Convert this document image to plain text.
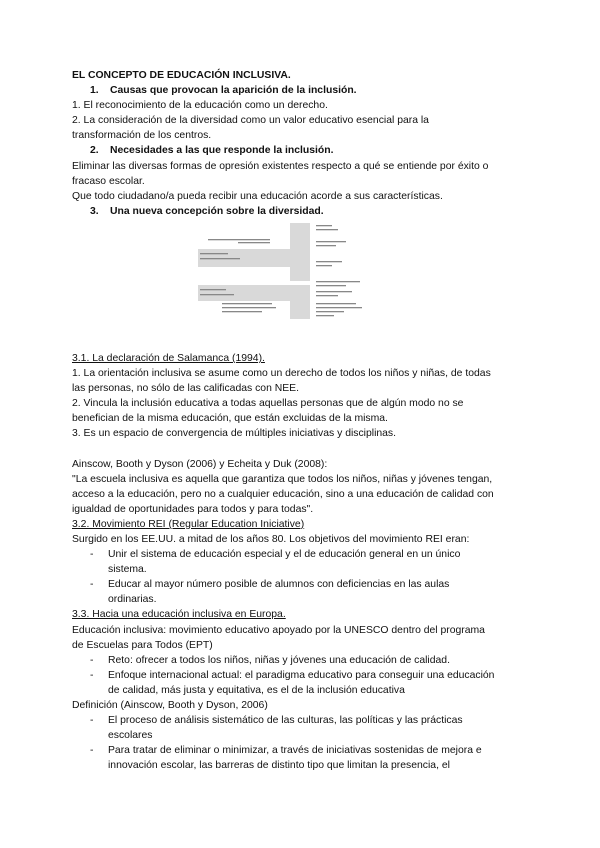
EL CONCEPTO DE EDUCACIÓN INCLUSIVA.
1. Causas que provocan la aparición de la inclusión.
1. El reconocimiento de la educación como un derecho.
2. La consideración de la diversidad como un valor educativo esencial para la
transformación de los centros.
2. Necesidades a las que responde la inclusión.
Eliminar las diversas formas de opresión existentes respecto a qué se entiende por éxito o
fracaso escolar.
Que todo ciudadano/a pueda recibir una educación acorde a sus características.
3. Una nueva concepción sobre la diversidad.
3.1. La declaración de Salamanca (1994).
1. La orientación inclusiva se asume como un derecho de todos los niños y niñas, de todas
las personas, no sólo de las calificadas con NEE.
2. Vincula la inclusión educativa a todas aquellas personas que de algún modo no se
benefician de la misma educación, que están excluidas de la misma.
3. Es un espacio de convergencia de múltiples iniciativas y disciplinas.
Ainscow, Booth y Dyson (2006) y Echeita y Duk (2008):
"La escuela inclusiva es aquella que garantiza que todos los niños, niñas y jóvenes tengan,
acceso a la educación, pero no a cualquier educación, sino a una educación de calidad con
igualdad de oportunidades para todos y para todas".
3.2. Movimiento REI (Regular Education Iniciative)
Surgido en los EE.UU. a mitad de los años 80. Los objetivos del movimiento REI eran:
- Unir el sistema de educación especial y el de educación general en un único
sistema.
- Educar al mayor número posible de alumnos con deficiencias en las aulas
ordinarias.
3.3. Hacia una educación inclusiva en Europa.
Educación inclusiva: movimiento educativo apoyado por la UNESCO dentro del programa
de Escuelas para Todos (EPT)
- Reto: ofrecer a todos los niños, niñas y jóvenes una educación de calidad.
- Enfoque internacional actual: el paradigma educativo para conseguir una educación
de calidad, más justa y equitativa, es el de la inclusión educativa
Definición (Ainscow, Booth y Dyson, 2006)
- El proceso de análisis sistemático de las culturas, las políticas y las prácticas
escolares
- Para tratar de eliminar o minimizar, a través de iniciativas sostenidas de mejora e
innovación escolar, las barreras de distinto tipo que limitan la presencia, el
